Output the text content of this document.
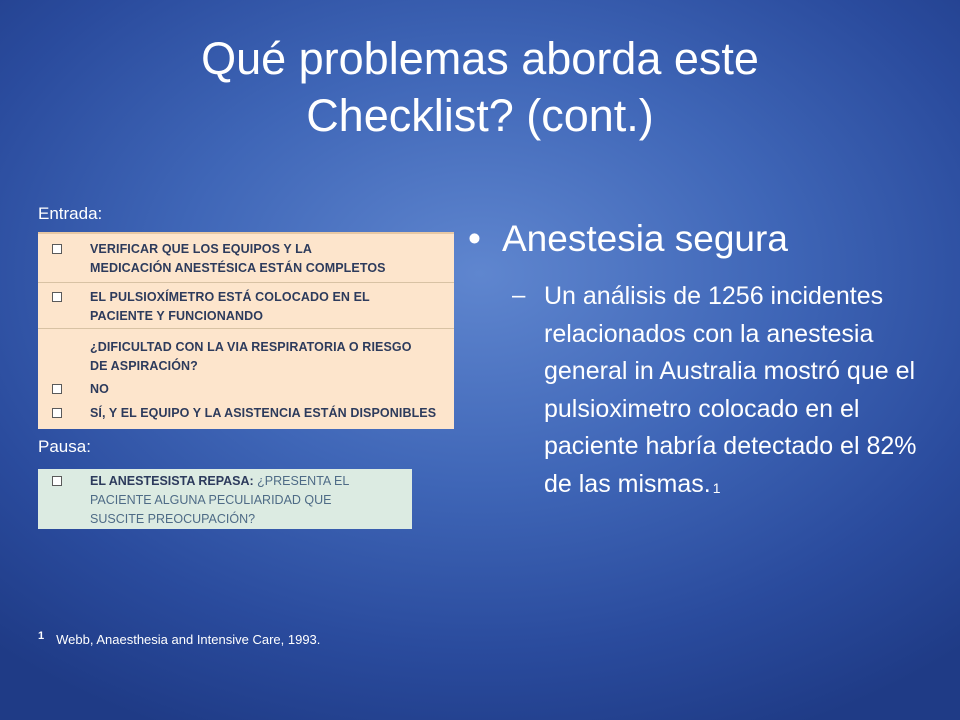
Qué problemas aborda este
Checklist? (cont.)
Entrada:
VERIFICAR QUE LOS EQUIPOS Y LA
MEDICACIÓN ANESTÉSICA ESTÁN COMPLETOS
EL PULSIOXÍMETRO ESTÁ COLOCADO EN EL
PACIENTE Y FUNCIONANDO
¿DIFICULTAD CON LA VIA RESPIRATORIA O RIESGO
DE ASPIRACIÓN?
NO
SÍ, Y EL EQUIPO Y LA ASISTENCIA ESTÁN DISPONIBLES
Pausa:
EL ANESTESISTA REPASA: ¿PRESENTA EL
PACIENTE ALGUNA PECULIARIDAD QUE
SUSCITE PREOCUPACIÓN?
• Anestesia segura
– Un análisis de 1256 incidentes relacionados con la anestesia general in Australia mostró que el pulsioximetro colocado en el paciente habría detectado el 82% de las mismas. $^1$
$^1$ Webb, Anaesthesia and Intensive Care, 1993.
